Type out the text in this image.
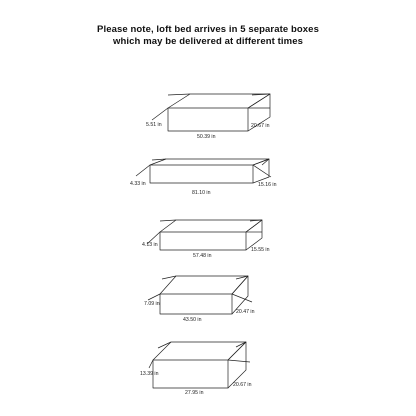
Please note, loft bed arrives in 5 separate boxes
which may be delivered at different times
5.51 in
50.39 in
20.67 in
4.33 in
81.10 in
15.16 in
4.13 in
57.48 in
15.55 in
7.09 in
43.50 in
20.47 in
13.39 in
27.95 in
20.67 in
